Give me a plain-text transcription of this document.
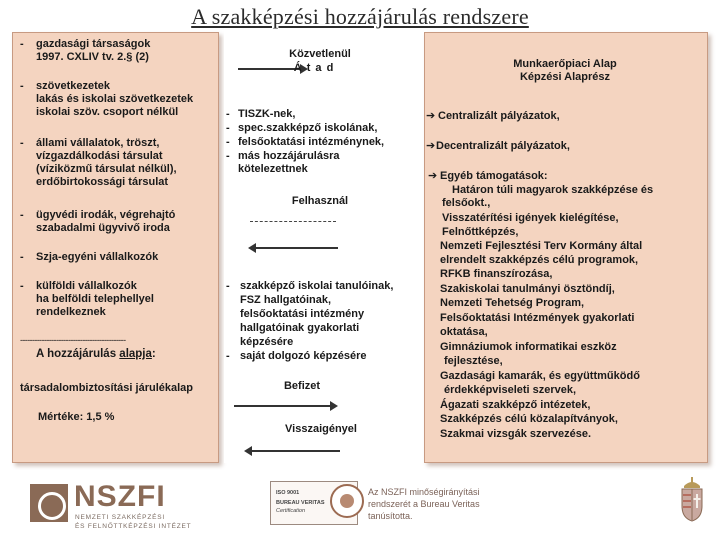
A szakképzési hozzájárulás rendszere
- gazdasági társaságok
1997. CXLIV tv. 2.§ (2)
- szövetkezetek
lakás és iskolai szövetkezetek
iskolai szöv. csoport nélkül
- állami vállalatok, tröszt,
vízgazdálkodási társulat
(víziközmű társulat nélkül),
erdőbirtokossági társulat
- ügyvédi irodák, végrehajtó
szabadalmi ügyvivő iroda
- Szja-egyéni vállalkozók
- külföldi vállalkozók
ha belföldi telephellyel
rendelkeznek
--------------------------------------------
A hozzájárulás alapja:
társadalombiztosítási járulékalap
Mértéke: 1,5 %
Közvetlenül
Á t a d
- TISZK-nek,
- spec.szakképző iskolának,
- felsőoktatási intézménynek,
- más hozzájárulásra
kötelezettnek
Felhasznál
- szakképző iskolai tanulóinak,
FSZ hallgatóinak,
felsőoktatási intézmény
hallgatóinak gyakorlati
képzésére
- saját dolgozó képzésére
Befizet
Visszaigényel
Munkaerőpiaci Alap
Képzési Alaprész
➔ Centralizált pályázatok,
➔ Decentralizált pályázatok,
➔ Egyéb támogatások:
Határon túli magyarok szakképzése és
felsőokt.,
Visszatérítési igények kielégítése,
Felnőttképzés,
Nemzeti Fejlesztési Terv Kormány által
elrendelt szakképzés célú programok,
RFKB finanszírozása,
Szakiskolai tanulmányi ösztöndíj,
Nemzeti Tehetség Program,
Felsőoktatási Intézmények gyakorlati
oktatása,
Gimnáziumok informatikai eszköz
fejlesztése,
Gazdasági kamarák, és együttműködő
érdekképviseleti szervek,
Ágazati szakképző intézetek,
Szakképzés célú közalapítványok,
Szakmai vizsgák szervezése.
NSZFI
NEMZETI SZAKKÉPZÉSI
ÉS FELNŐTTKÉPZÉSI INTÉZET
ISO 9001
BUREAU VERITAS
Certification
Az NSZFI minőségirányítási
rendszerét a Bureau Veritas
tanúsította.
